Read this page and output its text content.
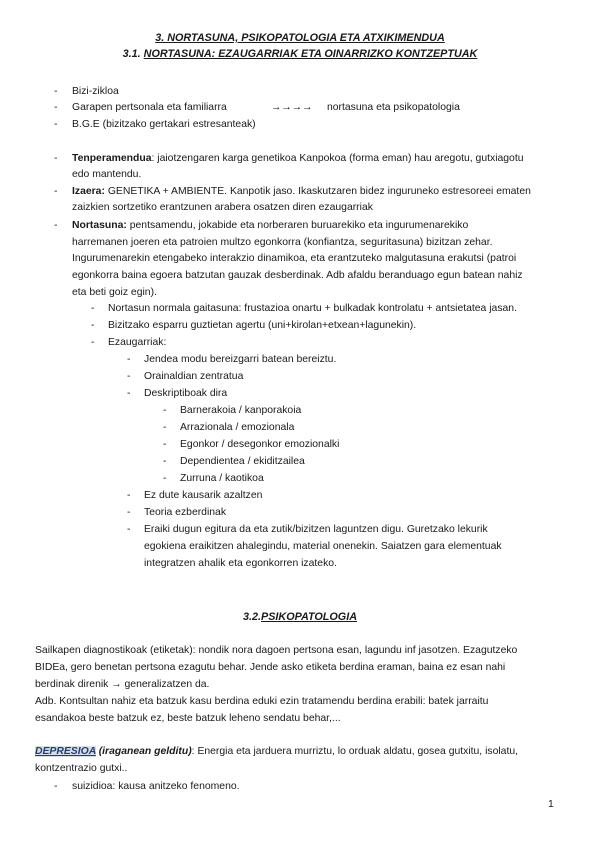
3. NORTASUNA, PSIKOPATOLOGIA ETA ATXIKIMENDUA
3.1. NORTASUNA: EZAUGARRIAK ETA OINARRIZKO KONTZEPTUAK
- Bizi-zikloa
- Garapen pertsonala eta familiarra	→→→→ nortasuna eta psikopatologia
- B.G.E (bizitzako gertakari estresanteak)
- Tenperamendua: jaiotzengaren karga genetikoa Kanpokoa (forma eman) hau aregotu, gutxiagotu
edo mantendu.
- Izaera: GENETIKA + AMBIENTE. Kanpotik jaso. Ikaskutzaren bidez inguruneko estresoreei ematen
zaizkien sortzetiko erantzunen arabera osatzen diren ezaugarriak
- Nortasuna: pentsamendu, jokabide eta norberaren buruarekiko eta ingurumenarekiko
harremanen joeren eta patroien multzo egonkorra (konfiantza, seguritasuna) bizitzan zehar.
Ingurumenarekin etengabeko interakzio dinamikoa, eta erantzuteko malgutasuna erakutsi (patroi
egonkorra baina egoera batzutan gauzak desberdinak. Adb afaldu beranduago egun batean nahiz
eta beti goiz egin).
- Nortasun normala gaitasuna: frustazioa onartu + bulkadak kontrolatu + antsietatea jasan.
- Bizitzako esparru guztietan agertu (uni+kirolan+etxean+lagunekin).
- Ezaugarriak:
- Jendea modu bereizgarri batean bereiztu.
- Orainaldian zentratua
- Deskriptiboak dira
- Barnerakoia / kanporakoia
- Arrazionala / emozionala
- Egonkor / desegonkor emozionalki
- Dependientea / ekiditzailea
- Zurruna / kaotikoa
- Ez dute kausarik azaltzen
- Teoria ezberdinak
- Eraiki dugun egitura da eta zutik/bizitzen laguntzen digu. Guretzako lekurik
egokiena eraikitzen ahalegindu, material onenekin. Saiatzen gara elementuak
integratzen ahalik eta egonkorren izateko.
3.2.PSIKOPATOLOGIA
Sailkapen diagnostikoak (etiketak): nondik nora dagoen pertsona esan, lagundu inf jasotzen. Ezagutzeko
BIDEa, gero benetan pertsona ezagutu behar. Jende asko etiketa berdina eraman, baina ez esan nahi
berdinak direnik → generalizatzen da.
Adb. Kontsultan nahiz eta batzuk kasu berdina eduki ezin tratamendu berdina erabili: batek jarraitu
esandakoa beste batzuk ez, beste batzuk leheno sendatu behar,...
DEPRESIOA (iraganean gelditu): Energia eta jarduera murriztu, lo orduak aldatu, gosea gutxitu, isolatu,
kontzentrazio gutxi..
- suizidioa: kausa anitzeko fenomeno.
1
